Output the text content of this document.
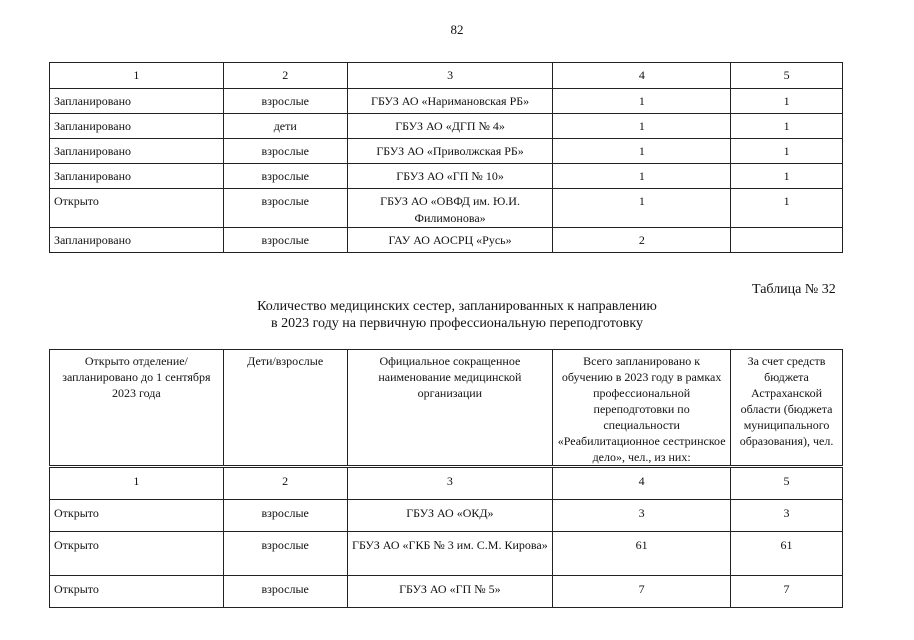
82
1	2	3	4	5
Запланировано	взрослые	ГБУЗ АО «Наримановская РБ»	1	1
Запланировано	дети	ГБУЗ АО «ДГП № 4»	1	1
Запланировано	взрослые	ГБУЗ АО «Приволжская РБ»	1	1
Запланировано	взрослые	ГБУЗ АО «ГП № 10»	1	1
Открыто	взрослые	ГБУЗ АО «ОВФД им. Ю.И. Филимонова»	1	1
Запланировано	взрослые	ГАУ АО АОСРЦ «Русь»	2	
Таблица № 32
Количество медицинских сестер, запланированных к направлению
в 2023 году на первичную профессиональную переподготовку
Открыто отделение/запланировано до 1 сентября 2023 года	Дети/взрослые	Официальное сокращенное наименование медицинской организации	Всего запланировано к обучению в 2023 году в рамках профессиональной переподготовки по специальности «Реабилитационное сестринское дело», чел., из них:	За счет средств бюджета Астраханской области (бюджета муниципального образования), чел.
1	2	3	4	5
Открыто	взрослые	ГБУЗ АО «ОКД»	3	3
Открыто	взрослые	ГБУЗ АО «ГКБ № 3 им. С.М. Кирова»	61	61
Открыто	взрослые	ГБУЗ АО «ГП № 5»	7	7
